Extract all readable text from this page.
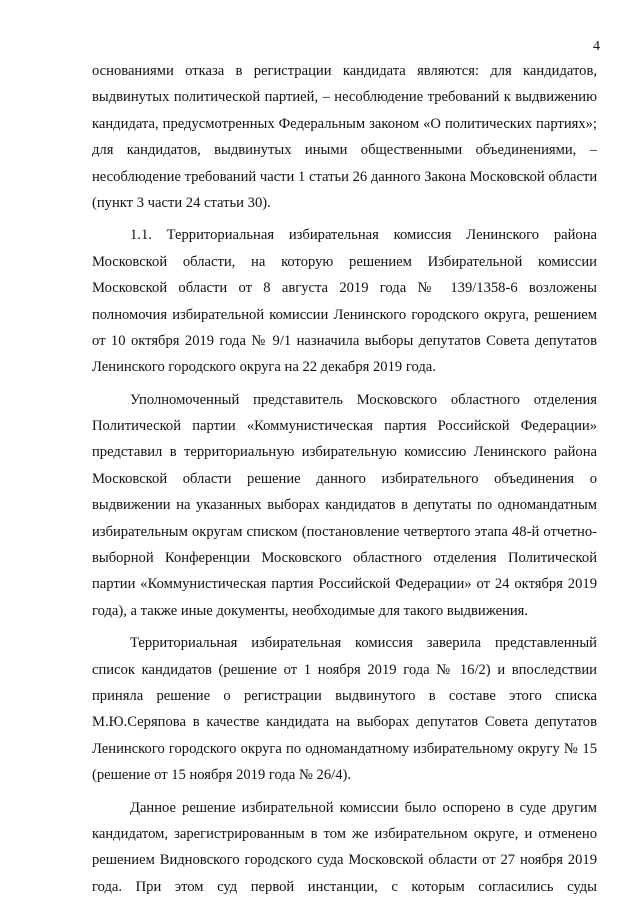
4
основаниями отказа в регистрации кандидата являются: для кандидатов,
выдвинутых политической партией, – несоблюдение требований к выдвижению
кандидата, предусмотренных Федеральным законом «О политических партиях»;
для кандидатов, выдвинутых иными общественными объединениями, –
несоблюдение требований части 1 статьи 26 данного Закона Московской области
(пункт 3 части 24 статьи 30).
1.1. Территориальная избирательная комиссия Ленинского района
Московской области, на которую решением Избирательной комиссии
Московской области от 8 августа 2019 года № 139/1358-6 возложены
полномочия избирательной комиссии Ленинского городского округа, решением
от 10 октября 2019 года № 9/1 назначила выборы депутатов Совета депутатов
Ленинского городского округа на 22 декабря 2019 года.
Уполномоченный представитель Московского областного отделения
Политической партии «Коммунистическая партия Российской Федерации»
представил в территориальную избирательную комиссию Ленинского района
Московской области решение данного избирательного объединения о
выдвижении на указанных выборах кандидатов в депутаты по одномандатным
избирательным округам списком (постановление четвертого этапа 48-й отчетно-
выборной Конференции Московского областного отделения Политической
партии «Коммунистическая партия Российской Федерации» от 24 октября 2019
года), а также иные документы, необходимые для такого выдвижения.
Территориальная избирательная комиссия заверила представленный
список кандидатов (решение от 1 ноября 2019 года № 16/2) и впоследствии
приняла решение о регистрации выдвинутого в составе этого списка
М.Ю.Серяпова в качестве кандидата на выборах депутатов Совета депутатов
Ленинского городского округа по одномандатному избирательному округу № 15
(решение от 15 ноября 2019 года № 26/4).
Данное решение избирательной комиссии было оспорено в суде другим
кандидатом, зарегистрированным в том же избирательном округе, и отменено
решением Видновского городского суда Московской области от 27 ноября 2019
года. При этом суд первой инстанции, с которым согласились суды
